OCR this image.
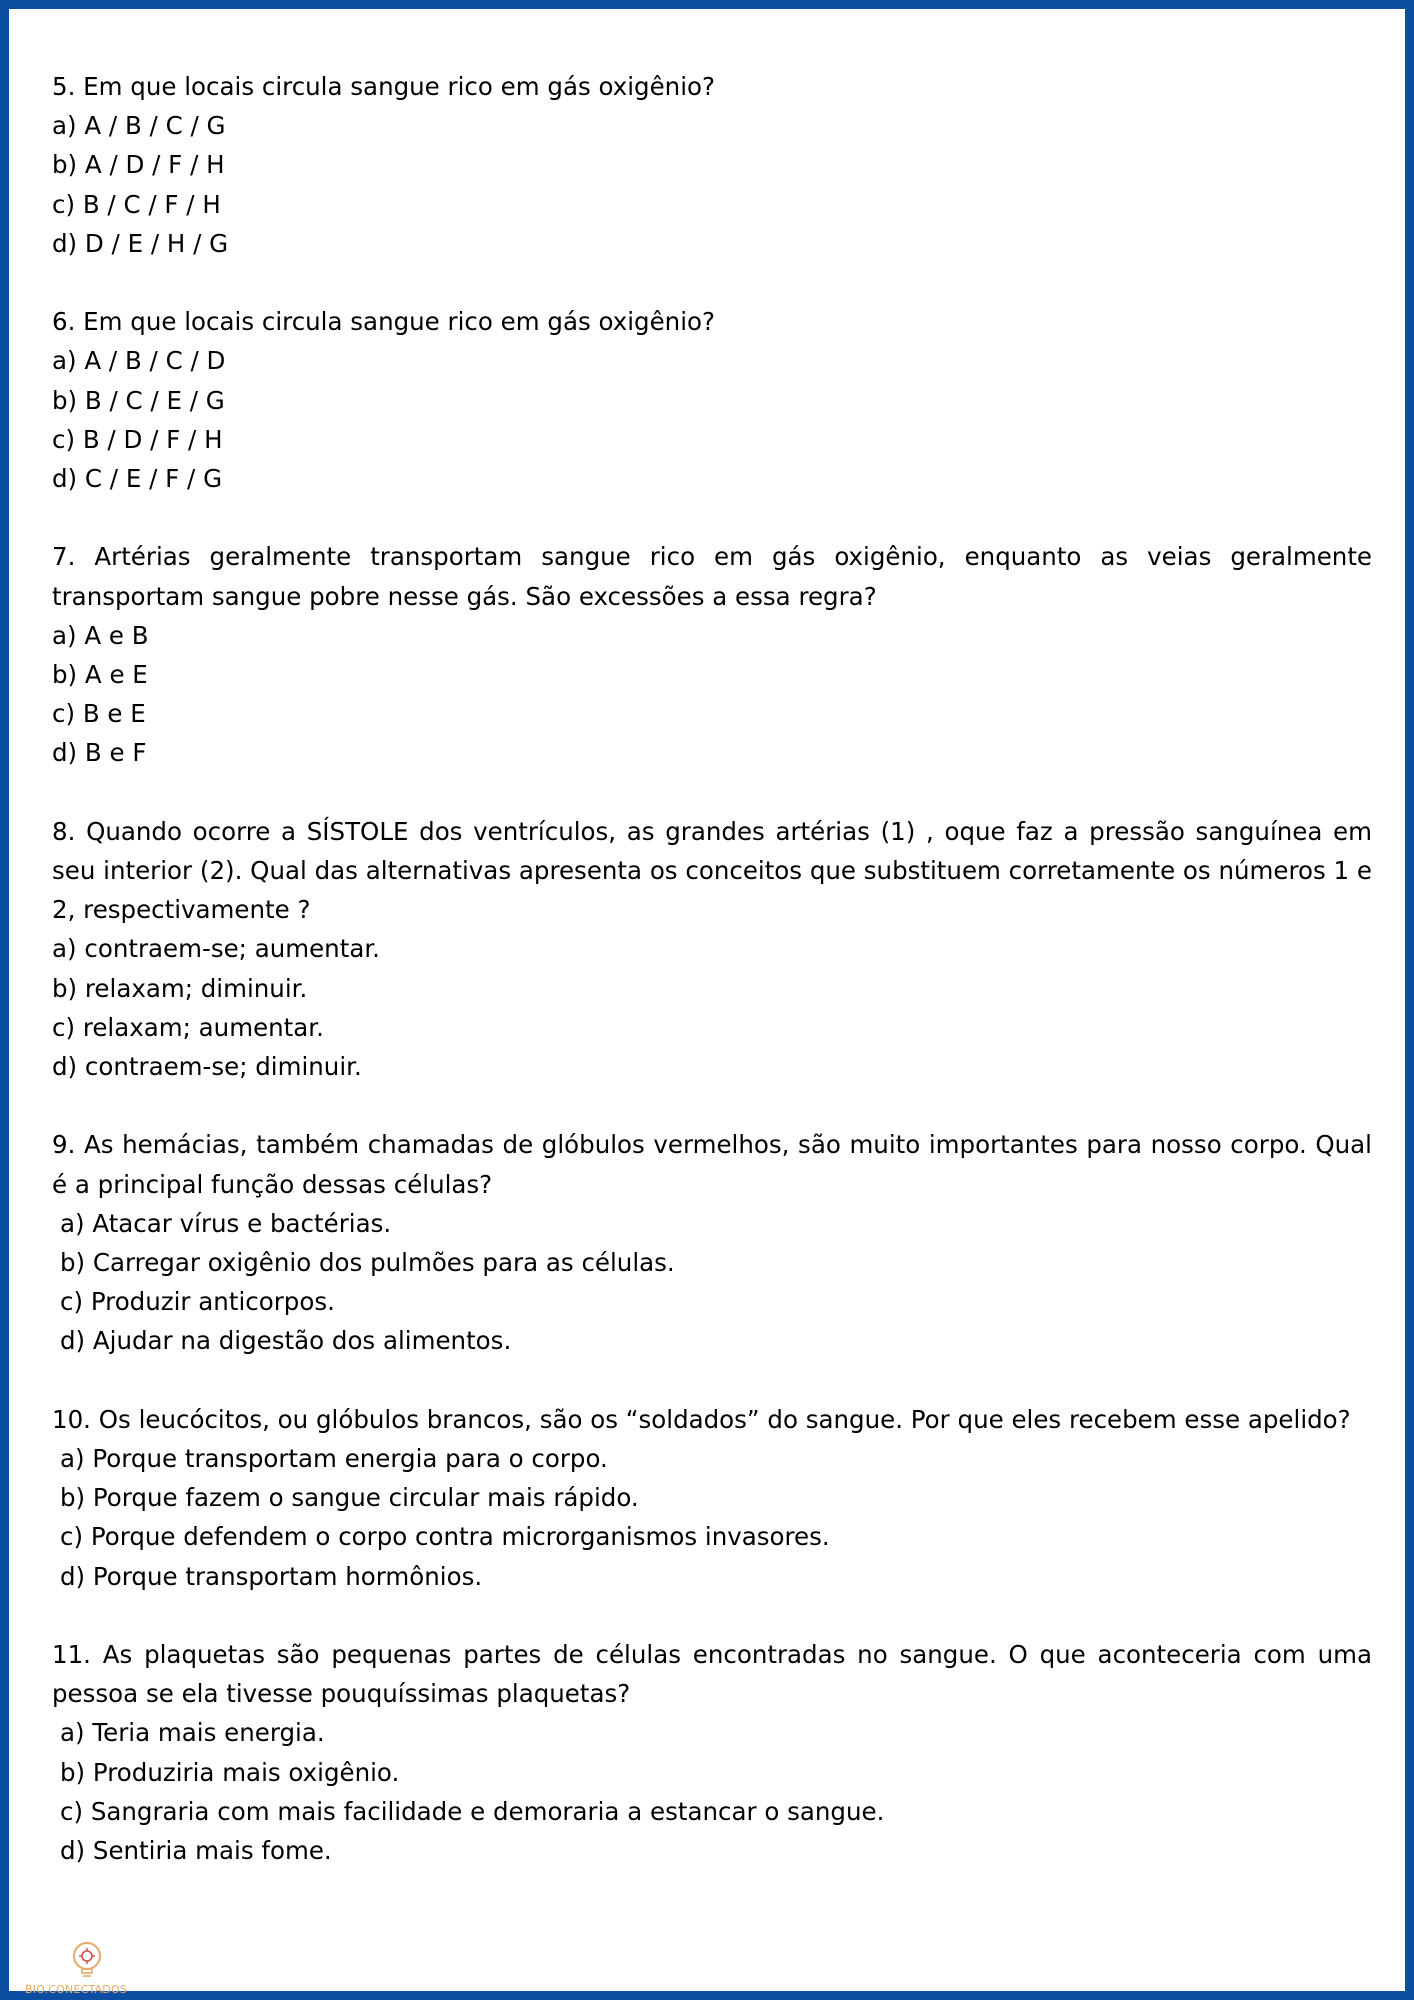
5. Em que locais circula sangue rico em gás oxigênio?

a) A / B / C / G
b) A / D / F / H
c) B / C / F / H
d) D / E / H / G

6. Em que locais circula sangue rico em gás oxigênio?

a) A / B / C / D
b) B / C / E / G
c) B / D / F / H
d) C / E / F / G

7. Artérias geralmente transportam sangue rico em gás oxigênio, enquanto as veias geralmente transportam sangue pobre nesse gás. São excessões a essa regra?

a) A e B
b) A e E
c) B e E
d) B e F

8. Quando ocorre a SÍSTOLE dos ventrículos, as grandes artérias (1) , oque faz a pressão sanguínea em seu interior (2). Qual das alternativas apresenta os conceitos que substituem corretamente os números 1 e 2, respectivamente ?

a) contraem-se; aumentar.
b) relaxam; diminuir.
c) relaxam; aumentar.
d) contraem-se; diminuir.

9. As hemácias, também chamadas de glóbulos vermelhos, são muito importantes para nosso corpo. Qual é a principal função dessas células?

a) Atacar vírus e bactérias.
b) Carregar oxigênio dos pulmões para as células.
c) Produzir anticorpos.
d) Ajudar na digestão dos alimentos.

10. Os leucócitos, ou glóbulos brancos, são os “soldados” do sangue. Por que eles recebem esse apelido?

a) Porque transportam energia para o corpo.
b) Porque fazem o sangue circular mais rápido.
c) Porque defendem o corpo contra microrganismos invasores.
d) Porque transportam hormônios.

11. As plaquetas são pequenas partes de células encontradas no sangue. O que aconteceria com uma pessoa se ela tivesse pouquíssimas plaquetas?

a) Teria mais energia.
b) Produziria mais oxigênio.
c) Sangraria com mais facilidade e demoraria a estancar o sangue.
d) Sentiria mais fome.
BIO.CONECTADOS
